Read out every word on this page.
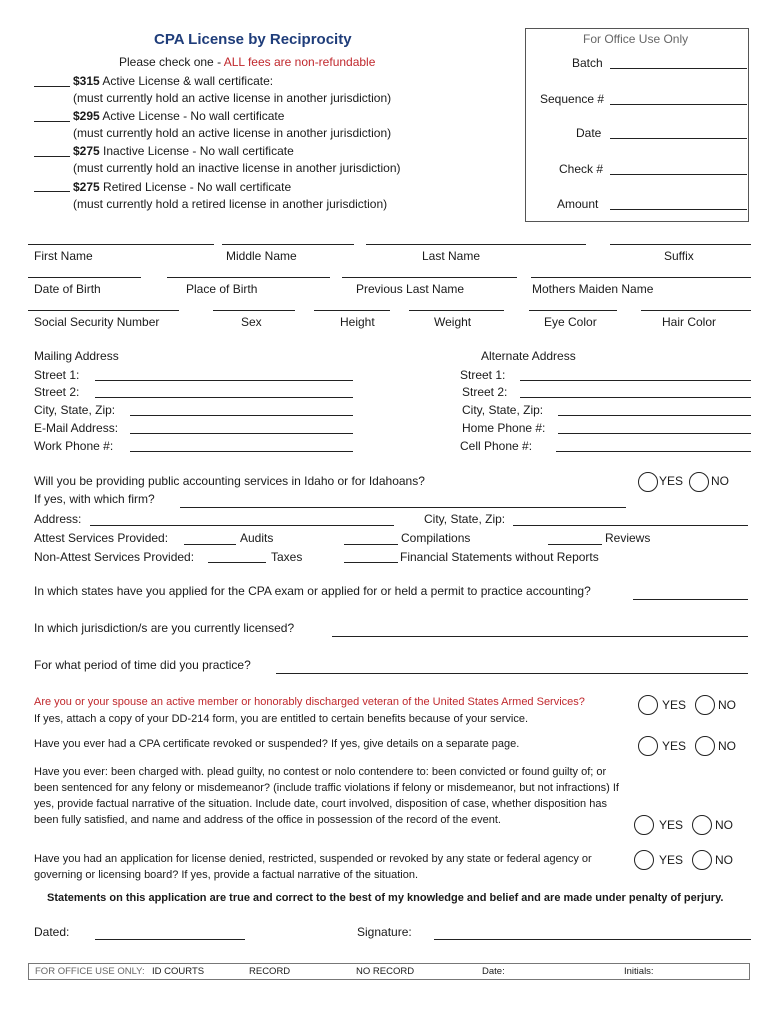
CPA License by Reciprocity
Please check one - ALL fees are non-refundable
$315 Active License & wall certificate:
(must currently hold an active license in another jurisdiction)
$295 Active License - No wall certificate
(must currently hold an active license in another jurisdiction)
$275 Inactive License - No wall certificate
(must currently hold an inactive license in another jurisdiction)
$275 Retired License - No wall certificate
(must currently hold a retired license in another jurisdiction)
For Office Use Only
Batch
Sequence #
Date
Check #
Amount
First Name	Middle Name	Last Name	Suffix
Date of Birth	Place of Birth	Previous Last Name	Mothers Maiden Name
Social Security Number	Sex	Height	Weight	Eye Color	Hair Color
Mailing Address
Street 1:
Street 2:
City, State, Zip:
E-Mail Address:
Work Phone #:
Alternate Address
Street 1:
Street 2:
City, State, Zip:
Home Phone #:
Cell Phone #:
Will you be providing public accounting services in Idaho or for Idahoans?	YES NO
If yes, with which firm?
Address:	City, State, Zip:
Attest Services Provided:	Audits	Compilations	Reviews
Non-Attest Services Provided:	Taxes	Financial Statements without Reports
In which states have you applied for the CPA exam or applied for or held a permit to practice accounting?
In which jurisdiction/s are you currently licensed?
For what period of time did you practice?
Are you or your spouse an active member or honorably discharged veteran of the United States Armed Services?
If yes, attach a copy of your DD-214 form, you are entitled to certain benefits because of your service.
YES	NO
Have you ever had a CPA certificate revoked or suspended? If yes, give details on a separate page.	YES	NO
Have you ever: been charged with. plead guilty, no contest or nolo contendere to: been convicted or found guilty of; or been sentenced for any felony or misdemeanor? (include traffic violations if felony or misdemeanor, but not infractions) If yes, provide factual narrative of the situation. Include date, court involved, disposition of case, whether disposition has been fully satisfied, and name and address of the office in possession of the record of the event.	YES	NO
Have you had an application for license denied, restricted, suspended or revoked by any state or federal agency or governing or licensing board? If yes, provide a factual narrative of the situation.
YES	NO
Statements on this application are true and correct to the best of my knowledge and belief and are made under penalty of perjury.
Dated:	Signature:
FOR OFFICE USE ONLY: ID COURTS	RECORD	NO RECORD	Date:	Initials:
